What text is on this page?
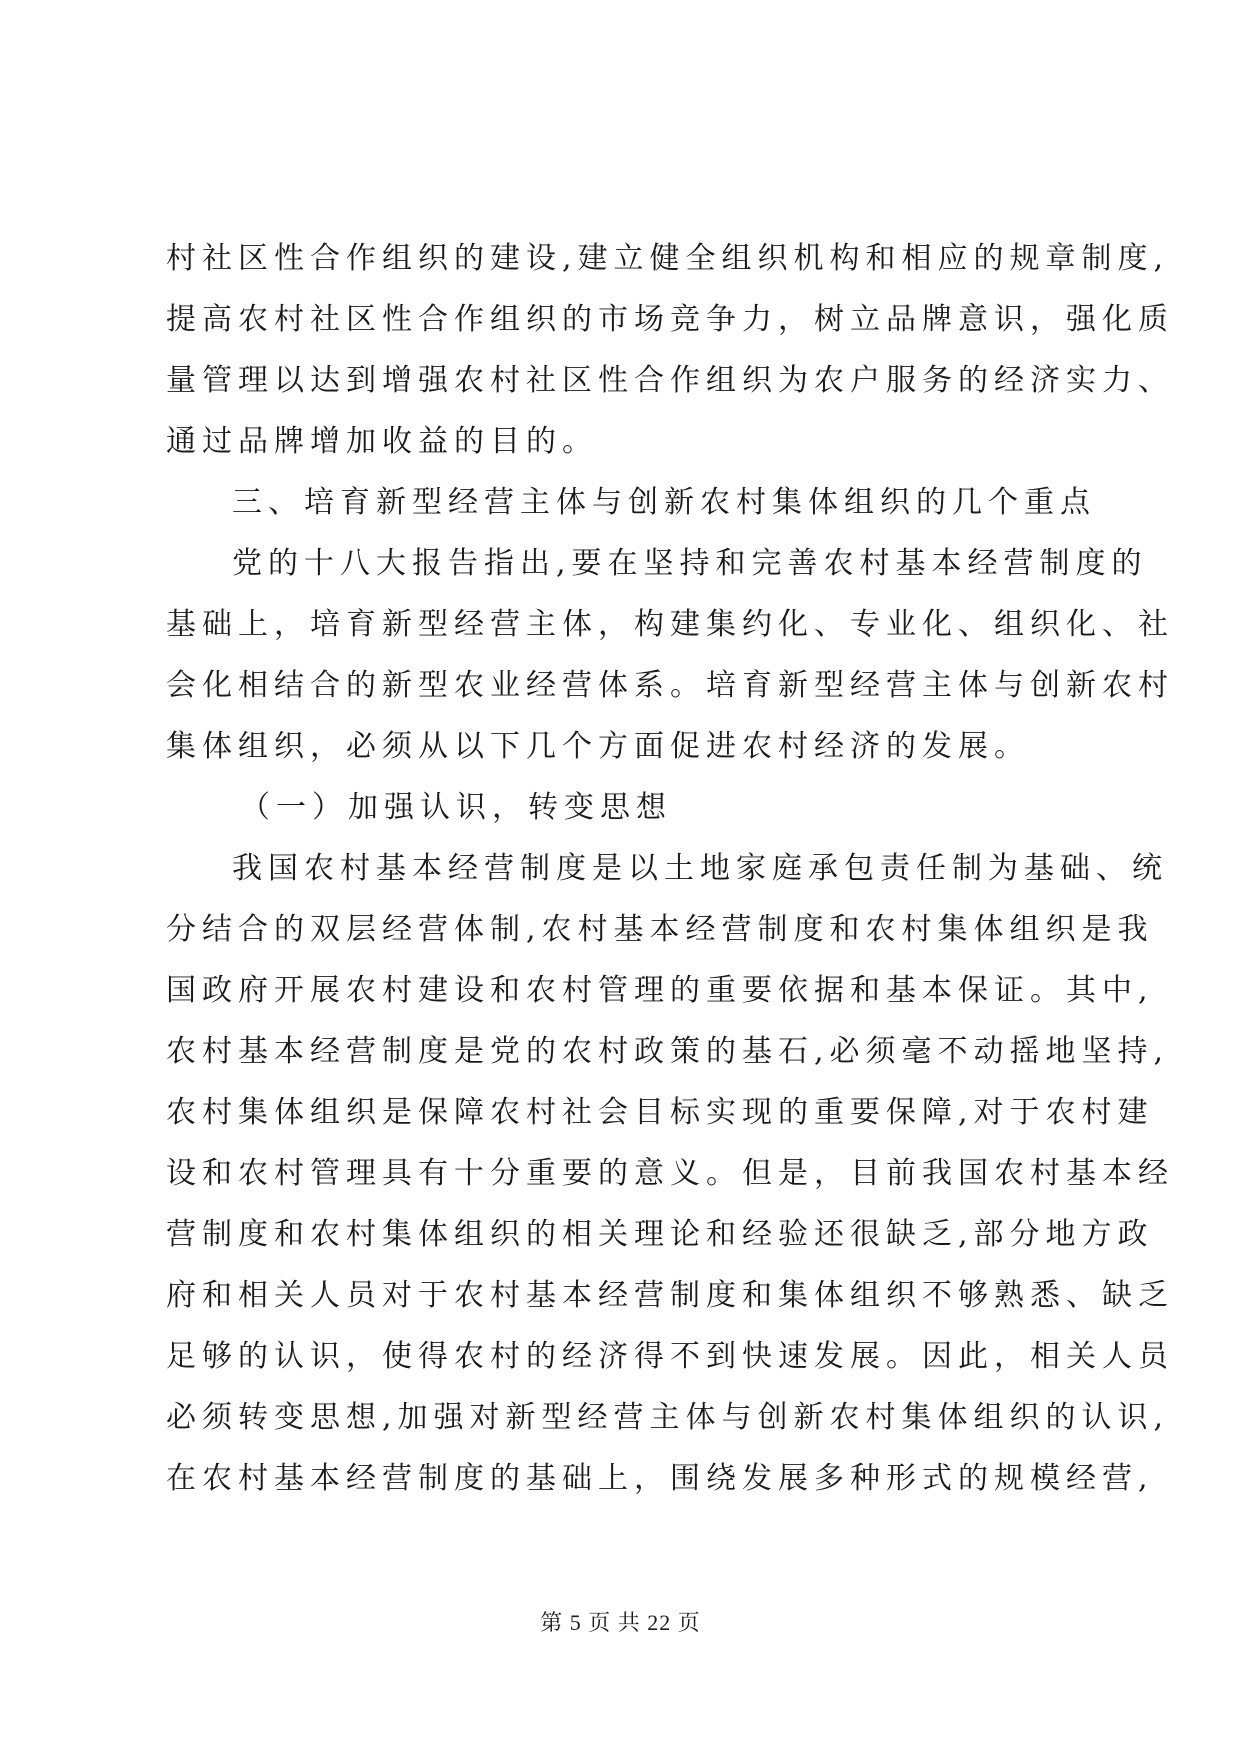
村社区性合作组织的建设,建立健全组织机构和相应的规章制度,
提高农村社区性合作组织的市场竞争力，树立品牌意识，强化质
量管理以达到增强农村社区性合作组织为农户服务的经济实力、
通过品牌增加收益的目的。
三、培育新型经营主体与创新农村集体组织的几个重点
党的十八大报告指出,要在坚持和完善农村基本经营制度的
基础上，培育新型经营主体，构建集约化、专业化、组织化、社
会化相结合的新型农业经营体系。培育新型经营主体与创新农村
集体组织，必须从以下几个方面促进农村经济的发展。
（一）加强认识，转变思想
我国农村基本经营制度是以土地家庭承包责任制为基础、统
分结合的双层经营体制,农村基本经营制度和农村集体组织是我
国政府开展农村建设和农村管理的重要依据和基本保证。其中,
农村基本经营制度是党的农村政策的基石,必须毫不动摇地坚持,
农村集体组织是保障农村社会目标实现的重要保障,对于农村建
设和农村管理具有十分重要的意义。但是，目前我国农村基本经
营制度和农村集体组织的相关理论和经验还很缺乏,部分地方政
府和相关人员对于农村基本经营制度和集体组织不够熟悉、缺乏
足够的认识，使得农村的经济得不到快速发展。因此，相关人员
必须转变思想,加强对新型经营主体与创新农村集体组织的认识,
在农村基本经营制度的基础上，围绕发展多种形式的规模经营,
第 5 页 共 22 页
